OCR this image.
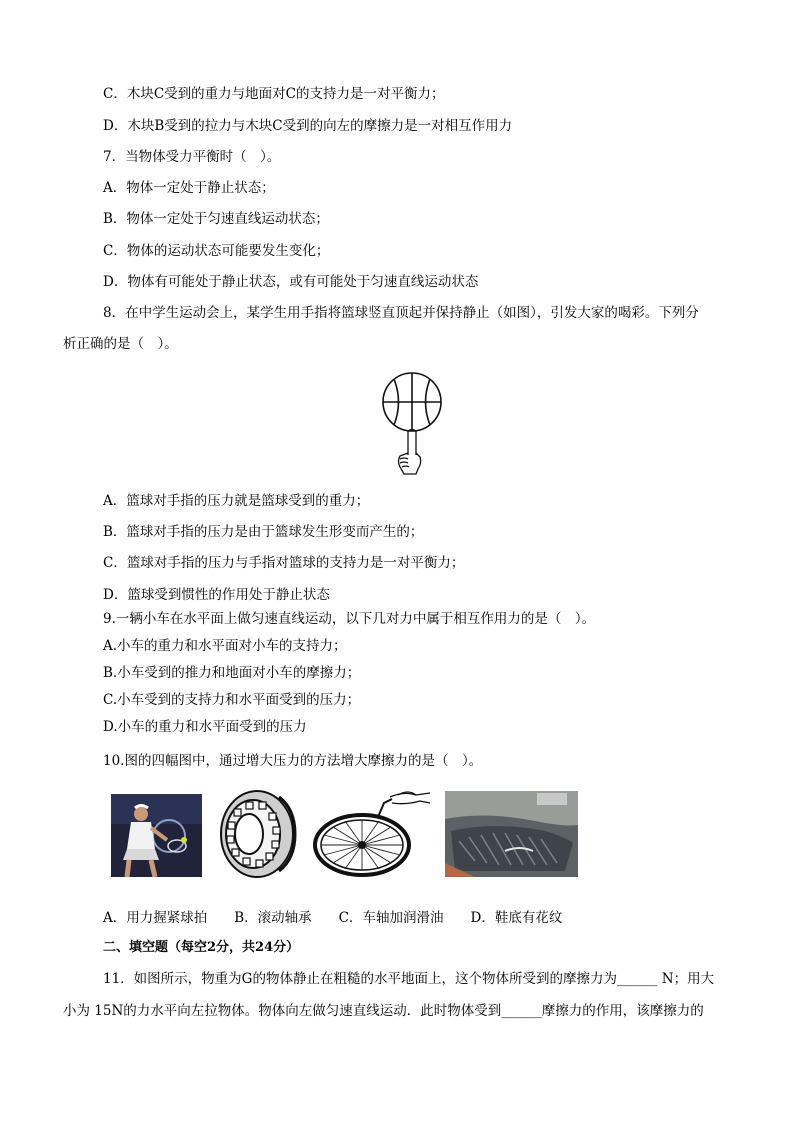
C．木块C受到的重力与地面对C的支持力是一对平衡力；
D．木块B受到的拉力与木块C受到的向左的摩擦力是一对相互作用力
7．当物体受力平衡时（　）。
A．物体一定处于静止状态；
B．物体一定处于匀速直线运动状态；
C．物体的运动状态可能要发生变化；
D．物体有可能处于静止状态，或有可能处于匀速直线运动状态
8．在中学生运动会上，某学生用手指将篮球竖直顶起并保持静止（如图），引发大家的喝彩。下列分
析正确的是（　）。
A．篮球对手指的压力就是篮球受到的重力；
B．篮球对手指的压力是由于篮球发生形变而产生的；
C．篮球对手指的压力与手指对篮球的支持力是一对平衡力；
D．篮球受到惯性的作用处于静止状态
9.一辆小车在水平面上做匀速直线运动，以下几对力中属于相互作用力的是（　）。
A.小车的重力和水平面对小车的支持力；
B.小车受到的推力和地面对小车的摩擦力；
C.小车受到的支持力和水平面受到的压力；
D.小车的重力和水平面受到的压力
10.图的四幅图中，通过增大压力的方法增大摩擦力的是（　）。
A．用力握紧球拍　　B．滚动轴承　　C．车轴加润滑油　　D．鞋底有花纹
二、填空题（每空2分，共24分）
11．如图所示，物重为G的物体静止在粗糙的水平地面上，这个物体所受到的摩擦力为______ N；用大
小为 15N的力水平向左拉物体。物体向左做匀速直线运动．此时物体受到______摩擦力的作用，该摩擦力的
